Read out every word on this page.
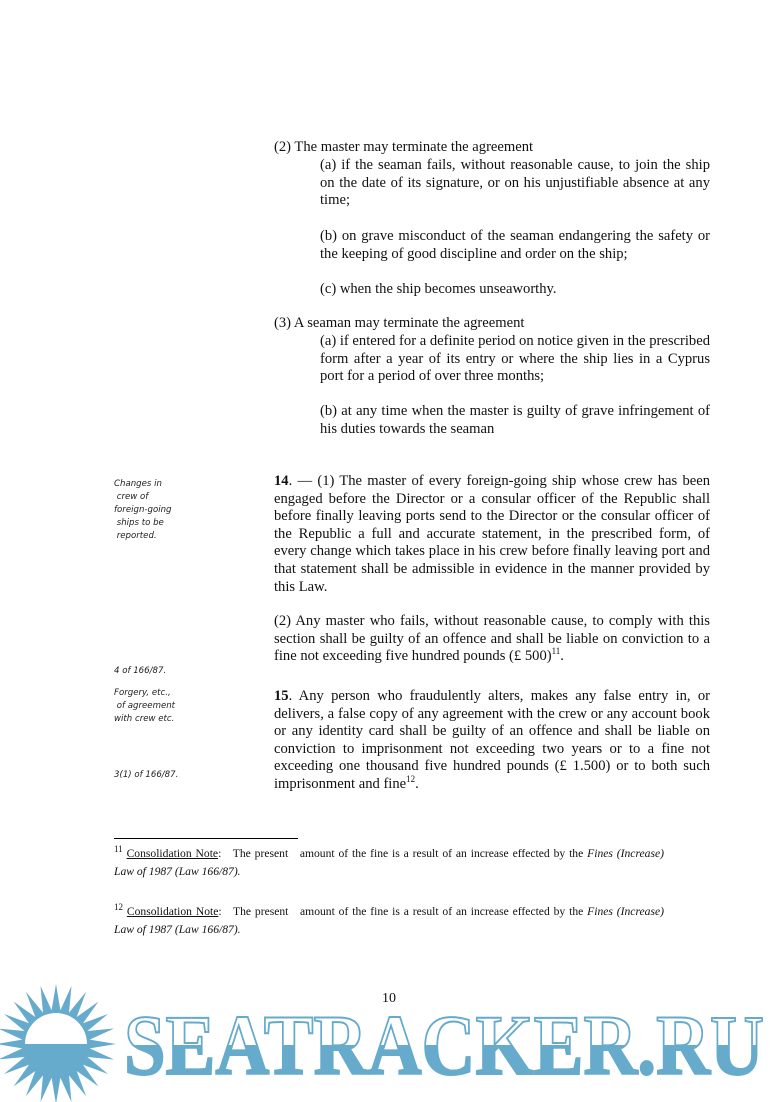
(2) The master may terminate the agreement
(a) if the seaman fails, without reasonable cause, to join the ship on the date of its signature, or on his unjustifiable absence at any time;
(b) on grave misconduct of the seaman endangering the safety or the keeping of good discipline and order on the ship;
(c) when the ship becomes unseaworthy.
(3) A seaman may terminate the agreement
(a) if entered for a definite period on notice given in the prescribed form after a year of its entry or where the ship lies in a Cyprus port for a period of over three months;
(b) at any time when the master is guilty of grave infringement of his duties towards the seaman
14. — (1) The master of every foreign-going ship whose crew has been engaged before the Director or a consular officer of the Republic shall before finally leaving ports send to the Director or the consular officer of the Republic a full and accurate statement, in the prescribed form, of every change which takes place in his crew before finally leaving port and that statement shall be admissible in evidence in the manner provided by this Law.
(2) Any master who fails, without reasonable cause, to comply with this section shall be guilty of an offence and shall be liable on conviction to a fine not exceeding five hundred pounds (£ 500)$^{11}$.
15. Any person who fraudulently alters, makes any false entry in, or delivers, a false copy of any agreement with the crew or any account book or any identity card shall be guilty of an offence and shall be liable on conviction to imprisonment not exceeding two years or to a fine not exceeding one thousand five hundred pounds (£ 1.500) or to both such imprisonment and fine$^{12}$.
Changes in
crew of
foreign-going
ships to be
reported.
4 of 166/87.
Forgery, etc.,
of agreement
with crew etc.
3(1) of 166/87.
$^{11}$ Consolidation Note:   The present   amount of the fine is a result of an increase effected by the Fines (Increase) Law of 1987 (Law 166/87).
$^{12}$ Consolidation Note:   The present   amount of the fine is a result of an increase effected by the Fines (Increase) Law of 1987 (Law 166/87).
10
SEATRACKER.RU
